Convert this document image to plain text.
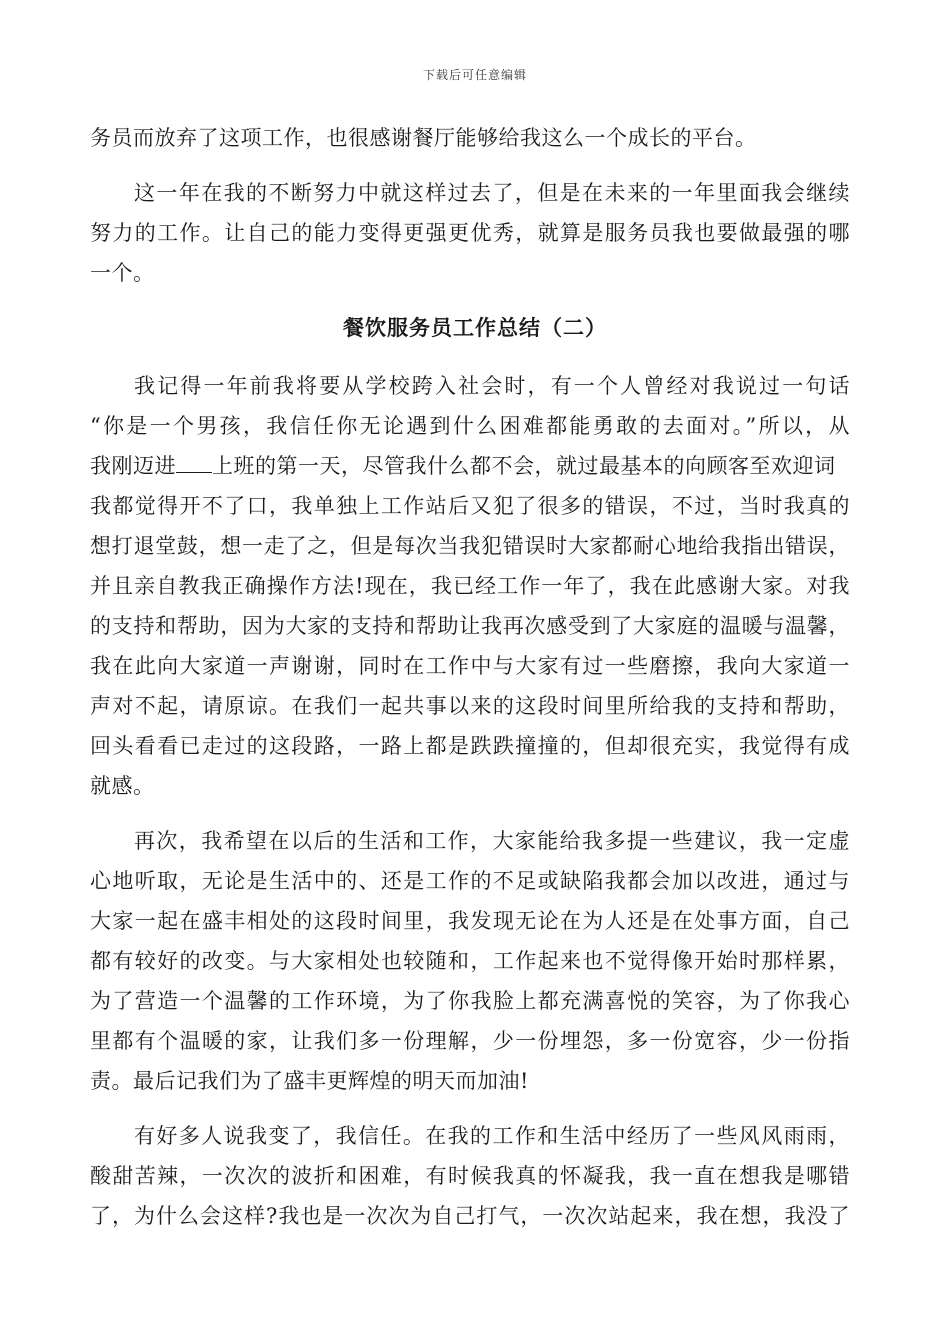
下载后可任意编辑
务员而放弃了这项工作，也很感谢餐厅能够给我这么一个成长的平台。
这一年在我的不断努力中就这样过去了，但是在未来的一年里面我会继续
努力的工作。让自己的能力变得更强更优秀，就算是服务员我也要做最强的哪
一个。
餐饮服务员工作总结（二）
我记得一年前我将要从学校跨入社会时，有一个人曾经对我说过一句话
“你是一个男孩，我信任你无论遇到什么困难都能勇敢的去面对。”所以，从
我刚迈进 上班的第一天，尽管我什么都不会，就过最基本的向顾客至欢迎词
我都觉得开不了口，我单独上工作站后又犯了很多的错误，不过，当时我真的
想打退堂鼓，想一走了之，但是每次当我犯错误时大家都耐心地给我指出错误，
并且亲自教我正确操作方法!现在，我已经工作一年了，我在此感谢大家。对我
的支持和帮助，因为大家的支持和帮助让我再次感受到了大家庭的温暖与温馨，
我在此向大家道一声谢谢，同时在工作中与大家有过一些磨擦，我向大家道一
声对不起，请原谅。在我们一起共事以来的这段时间里所给我的支持和帮助，
回头看看已走过的这段路，一路上都是跌跌撞撞的，但却很充实，我觉得有成
就感。
再次，我希望在以后的生活和工作，大家能给我多提一些建议，我一定虚
心地听取，无论是生活中的、还是工作的不足或缺陷我都会加以改进，通过与
大家一起在盛丰相处的这段时间里，我发现无论在为人还是在处事方面，自己
都有较好的改变。与大家相处也较随和，工作起来也不觉得像开始时那样累，
为了营造一个温馨的工作环境，为了你我脸上都充满喜悦的笑容，为了你我心
里都有个温暖的家，让我们多一份理解，少一份埋怨，多一份宽容，少一份指
责。最后记我们为了盛丰更辉煌的明天而加油!
有好多人说我变了，我信任。在我的工作和生活中经历了一些风风雨雨，
酸甜苦辣，一次次的波折和困难，有时候我真的怀凝我，我一直在想我是哪错
了，为什么会这样?我也是一次次为自己打气，一次次站起来，我在想，我没了
